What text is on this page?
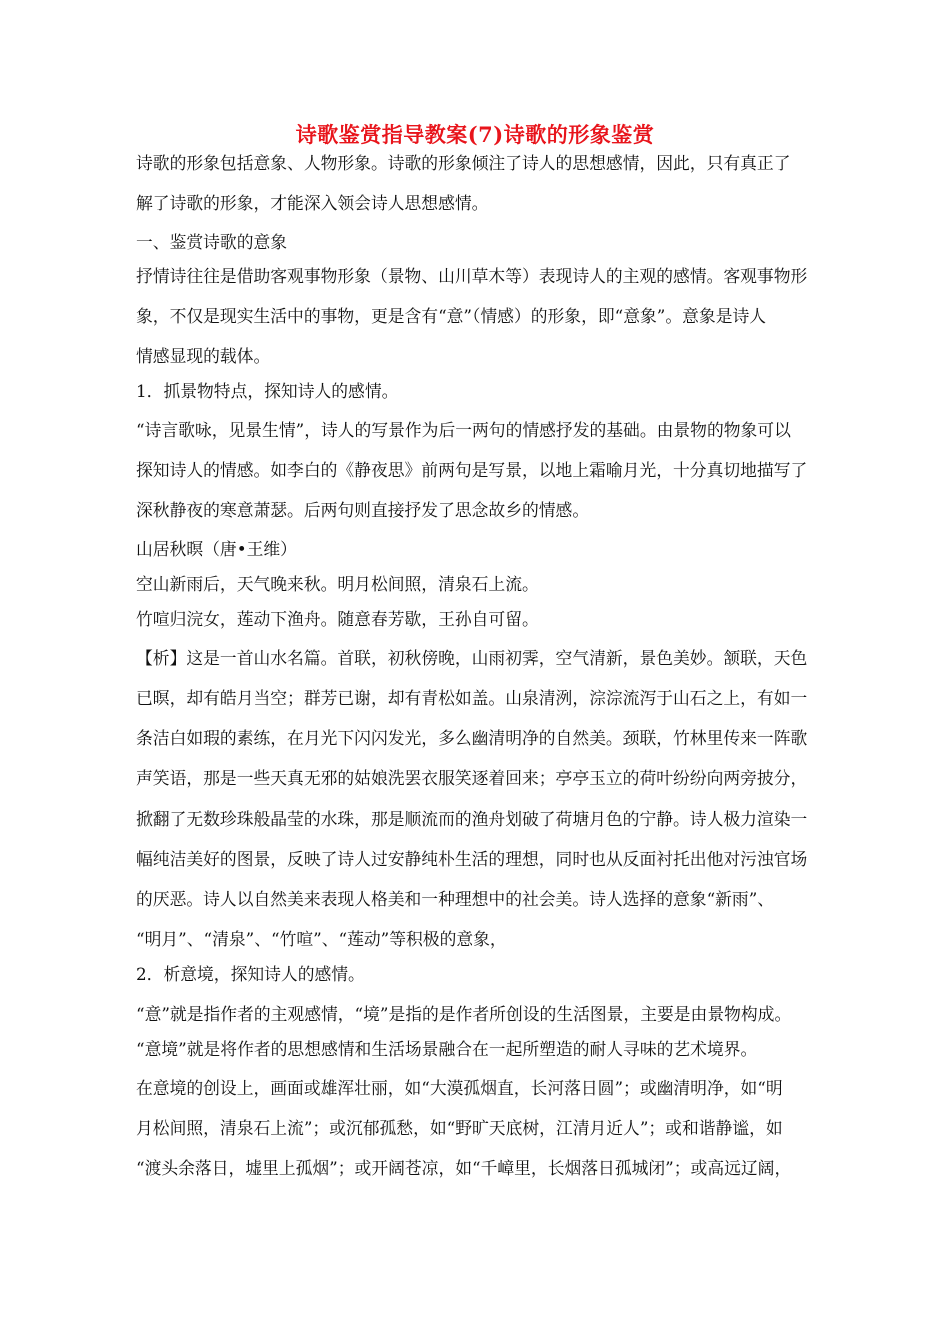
诗歌鉴赏指导教案(7)诗歌的形象鉴赏
诗歌的形象包括意象、人物形象。诗歌的形象倾注了诗人的思想感情，因此，只有真正了
解了诗歌的形象，才能深入领会诗人思想感情。
一、鉴赏诗歌的意象
抒情诗往往是借助客观事物形象（景物、山川草木等）表现诗人的主观的感情。客观事物形
象，不仅是现实生活中的事物，更是含有“意”（情感）的形象，即“意象”。意象是诗人
情感显现的载体。
1．抓景物特点，探知诗人的感情。
“诗言歌咏，见景生情”，诗人的写景作为后一两句的情感抒发的基础。由景物的物象可以
探知诗人的情感。如李白的《静夜思》前两句是写景，以地上霜喻月光，十分真切地描写了
深秋静夜的寒意萧瑟。后两句则直接抒发了思念故乡的情感。
山居秋暝（唐•王维）
空山新雨后，天气晚来秋。明月松间照，清泉石上流。
竹喧归浣女，莲动下渔舟。随意春芳歇，王孙自可留。
【析】这是一首山水名篇。首联，初秋傍晚，山雨初霁，空气清新，景色美妙。颔联，天色
已暝，却有皓月当空；群芳已谢，却有青松如盖。山泉清洌，淙淙流泻于山石之上，有如一
条洁白如瑕的素练，在月光下闪闪发光，多么幽清明净的自然美。颈联，竹林里传来一阵歌
声笑语，那是一些天真无邪的姑娘洗罢衣服笑逐着回来；亭亭玉立的荷叶纷纷向两旁披分，
掀翻了无数珍珠般晶莹的水珠，那是顺流而的渔舟划破了荷塘月色的宁静。诗人极力渲染一
幅纯洁美好的图景，反映了诗人过安静纯朴生活的理想，同时也从反面衬托出他对污浊官场
的厌恶。诗人以自然美来表现人格美和一种理想中的社会美。诗人选择的意象“新雨”、
“明月”、“清泉”、“竹喧”、“莲动”等积极的意象，
2．析意境，探知诗人的感情。
“意”就是指作者的主观感情，“境”是指的是作者所创设的生活图景，主要是由景物构成。
“意境”就是将作者的思想感情和生活场景融合在一起所塑造的耐人寻味的艺术境界。
在意境的创设上，画面或雄浑壮丽，如“大漠孤烟直，长河落日圆”；或幽清明净，如“明
月松间照，清泉石上流”；或沉郁孤愁，如“野旷天底树，江清月近人”；或和谐静谧，如
“渡头余落日，墟里上孤烟”；或开阔苍凉，如“千嶂里，长烟落日孤城闭”；或高远辽阔，
